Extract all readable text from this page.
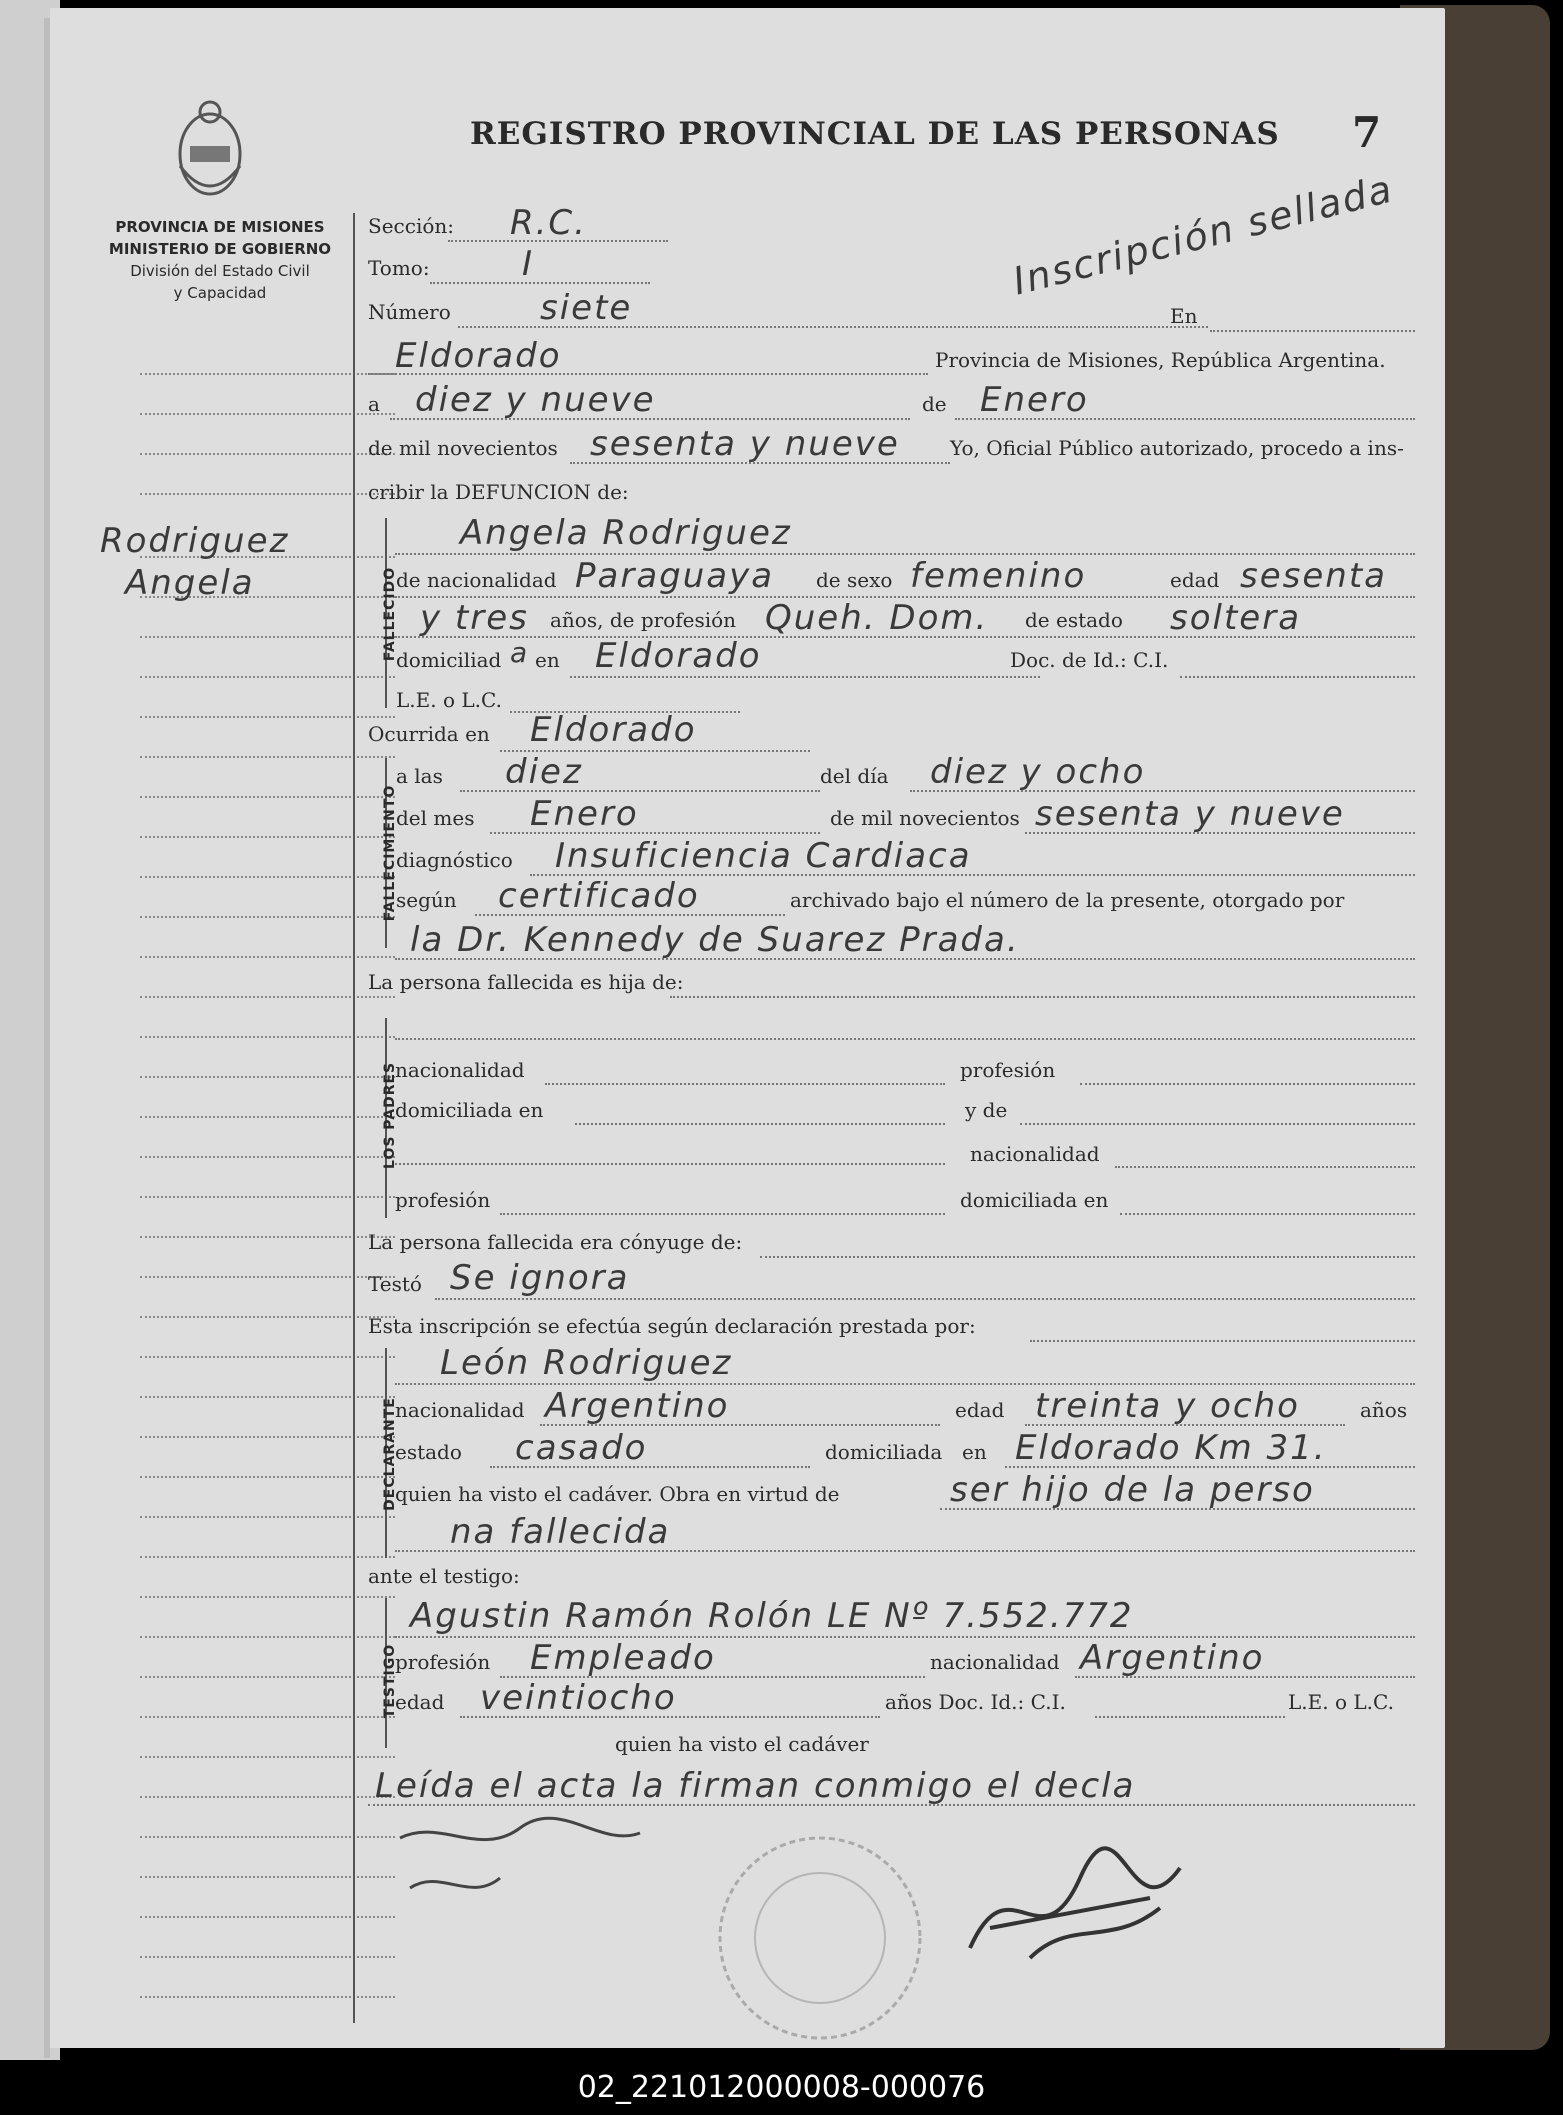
PROVINCIA DE MISIONES
MINISTERIO DE GOBIERNO
División del Estado Civil
y Capacidad
REGISTRO PROVINCIAL DE LAS PERSONAS 7
Inscripción sellada
Rodriguez
Angela
Sección: R.C.
Tomo:	I
Número	siete	En
Eldorado	Provincia de Misiones, República Argentina.
a diez y nueve	de Enero
de mil novecientos sesenta y nueve	Yo, Oficial Público autorizado, procedo a ins-
cribir la DEFUNCION de:
FALLECIDO
Angela Rodriguez
de nacionalidad Paraguaya de sexo femenino	edad sesenta
y tres años, de profesión Queh. Dom. de estado soltera
domiciliad a en Eldorado	Doc. de Id.: C.I.
L.E. o L.C.
Ocurrida en Eldorado
FALLECIMIENTO
a las diez	del día diez y ocho
del mes Enero	de mil novecientos sesenta y nueve
diagnóstico Insuficiencia Cardiaca
según certificado	archivado bajo el número de la presente, otorgado por
la Dr. Kennedy de Suarez Prada.
La persona fallecida es hija de:
LOS PADRES
nacionalidad	profesión
domiciliada en	y de
nacionalidad
profesión	domiciliada en
La persona fallecida era cónyuge de:
Testó Se ignora
Esta inscripción se efectúa según declaración prestada por:
DECLARANTE
León Rodriguez
nacionalidad Argentino	edad treinta y ocho	años
estado casado	domiciliada en Eldorado Km 31.
quien ha visto el cadáver. Obra en virtud de	ser hijo de la perso
na fallecida
ante el testigo:
TESTIGO
Agustin Ramón Rolón LE Nº 7.552.772
profesión Empleado	nacionalidad Argentino
edad veintiocho	años Doc. Id.: C.I.	L.E. o L.C.
quien ha visto el cadáver
Leída el acta la firman conmigo el decla
02_221012000008-000076
